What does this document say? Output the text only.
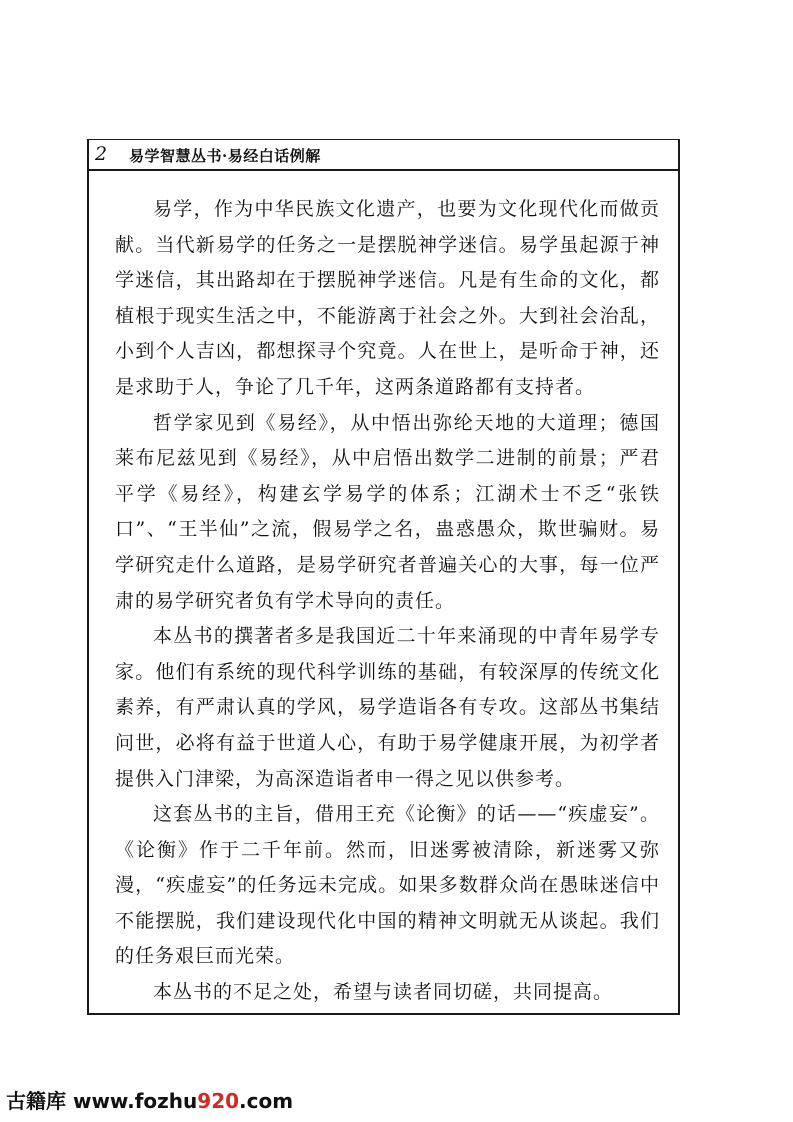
2 易学智慧丛书·易经白话例解

易学，作为中华民族文化遗产，也要为文化现代化而做贡献。当代新易学的任务之一是摆脱神学迷信。易学虽起源于神学迷信，其出路却在于摆脱神学迷信。凡是有生命的文化，都植根于现实生活之中，不能游离于社会之外。大到社会治乱，小到个人吉凶，都想探寻个究竟。人在世上，是听命于神，还是求助于人，争论了几千年，这两条道路都有支持者。

哲学家见到《易经》，从中悟出弥纶天地的大道理；德国莱布尼兹见到《易经》，从中启悟出数学二进制的前景；严君平学《易经》，构建玄学易学的体系；江湖术士不乏“张铁口”、“王半仙”之流，假易学之名，蛊惑愚众，欺世骗财。易学研究走什么道路，是易学研究者普遍关心的大事，每一位严肃的易学研究者负有学术导向的责任。

本丛书的撰著者多是我国近二十年来涌现的中青年易学专家。他们有系统的现代科学训练的基础，有较深厚的传统文化素养，有严肃认真的学风，易学造诣各有专攻。这部丛书集结问世，必将有益于世道人心，有助于易学健康开展，为初学者提供入门津梁，为高深造诣者申一得之见以供参考。

这套丛书的主旨，借用王充《论衡》的话——“疾虚妄”。《论衡》作于二千年前。然而，旧迷雾被清除，新迷雾又弥漫，“疾虚妄”的任务远未完成。如果多数群众尚在愚昧迷信中不能摆脱，我们建设现代化中国的精神文明就无从谈起。我们的任务艰巨而光荣。

本丛书的不足之处，希望与读者同切磋，共同提高。

古籍库 www.fozhu920.com
